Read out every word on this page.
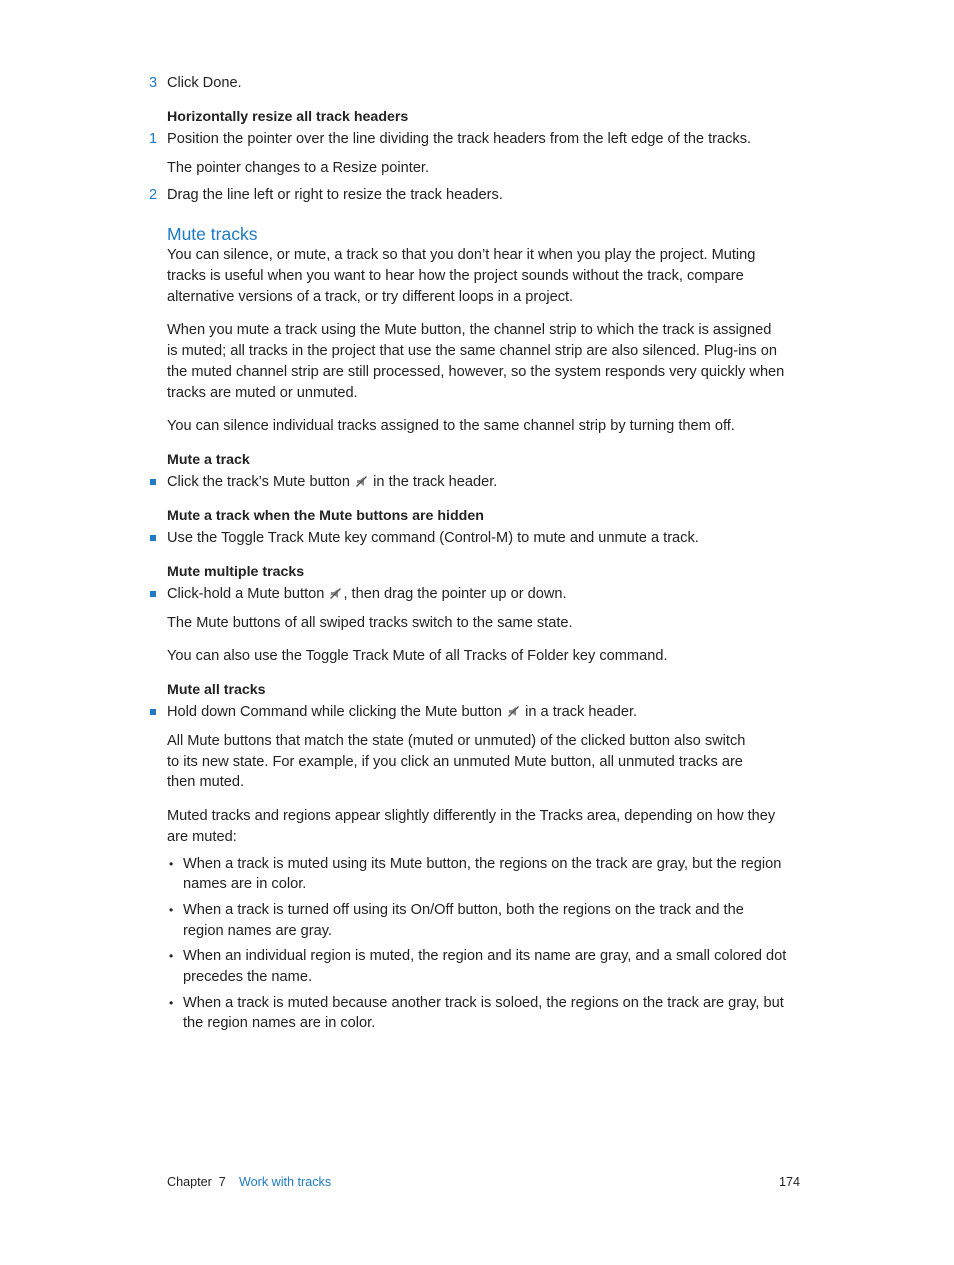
3 Click Done.

Horizontally resize all track headers

1 Position the pointer over the line dividing the track headers from the left edge of the tracks.

The pointer changes to a Resize pointer.

2 Drag the line left or right to resize the track headers.

Mute tracks

You can silence, or mute, a track so that you don’t hear it when you play the project. Muting

tracks is useful when you want to hear how the project sounds without the track, compare

alternative versions of a track, or try different loops in a project.

When you mute a track using the Mute button, the channel strip to which the track is assigned

is muted; all tracks in the project that use the same channel strip are also silenced. Plug-ins on

the muted channel strip are still processed, however, so the system responds very quickly when

tracks are muted or unmuted.

You can silence individual tracks assigned to the same channel strip by turning them off.

Mute a track

Click the track’s Mute button in the track header.

Mute a track when the Mute buttons are hidden

Use the Toggle Track Mute key command (Control-M) to mute and unmute a track.

Mute multiple tracks

Click-hold a Mute button , then drag the pointer up or down.

The Mute buttons of all swiped tracks switch to the same state.

You can also use the Toggle Track Mute of all Tracks of Folder key command.

Mute all tracks

Hold down Command while clicking the Mute button in a track header.

All Mute buttons that match the state (muted or unmuted) of the clicked button also switch

to its new state. For example, if you click an unmuted Mute button, all unmuted tracks are

then muted.

Muted tracks and regions appear slightly differently in the Tracks area, depending on how they

are muted:

• When a track is muted using its Mute button, the regions on the track are gray, but the region

names are in color.

• When a track is turned off using its On/Off button, both the regions on the track and the

region names are gray.

• When an individual region is muted, the region and its name are gray, and a small colored dot

precedes the name.

• When a track is muted because another track is soloed, the regions on the track are gray, but

the region names are in color.

Chapter  7 Work with tracks	174
